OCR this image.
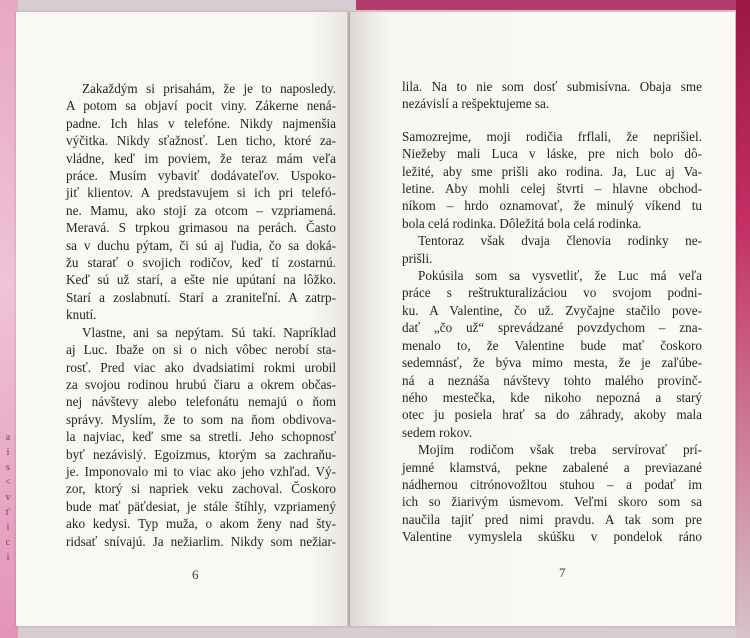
a
i
s
<
v
ť
i
c
i
Zakaždým si prisahám, že je to naposledy.
A potom sa objaví pocit viny. Zákerne nená-
padne. Ich hlas v telefóne. Nikdy najmenšia
výčitka. Nikdy sťažnosť. Len ticho, ktoré za-
vládne, keď im poviem, že teraz mám veľa
práce. Musím vybaviť dodávateľov. Uspoko-
jiť klientov. A predstavujem si ich pri telefó-
ne. Mamu, ako stojí za otcom – vzpriamená.
Meravá. S trpkou grimasou na perách. Často
sa v duchu pýtam, či sú aj ľudia, čo sa doká-
žu starať o svojich rodičov, keď tí zostarnú.
Keď sú už starí, a ešte nie upútaní na lôžko.
Starí a zoslabnutí. Starí a zraniteľní. A zatrp-
knutí.
Vlastne, ani sa nepýtam. Sú takí. Napríklad
aj Luc. Ibaže on si o nich vôbec nerobí sta-
rosť. Pred viac ako dvadsiatimi rokmi urobil
za svojou rodinou hrubú čiaru a okrem občas-
nej návštevy alebo telefonátu nemajú o ňom
správy. Myslím, že to som na ňom obdivova-
la najviac, keď sme sa stretli. Jeho schopnosť
byť nezávislý. Egoizmus, ktorým sa zachraňu-
je. Imponovalo mi to viac ako jeho vzhľad. Vý-
zor, ktorý si napriek veku zachoval. Čoskoro
bude mať päťdesiat, je stále štíhly, vzpriamený
ako kedysi. Typ muža, o akom ženy nad šty-
ridsať snívajú. Ja nežiarlim. Nikdy som nežiar-
6
lila. Na to nie som dosť submisívna. Obaja sme
nezávislí a rešpektujeme sa.
Samozrejme, moji rodičia frflali, že neprišiel.
Niežeby mali Luca v láske, pre nich bolo dô-
ležité, aby sme prišli ako rodina. Ja, Luc aj Va-
letine. Aby mohli celej štvrti – hlavne obchod-
níkom – hrdo oznamovať, že minulý víkend tu
bola celá rodinka. Dôležitá bola celá rodinka.
Tentoraz však dvaja členovia rodinky ne-
prišli.
Pokúsila som sa vysvetliť, že Luc má veľa
práce s reštrukturalizáciou vo svojom podni-
ku. A Valentine, čo už. Zvyčajne stačilo pove-
dať „čo už“ sprevádzané povzdychom – zna-
menalo to, že Valentine bude mať čoskoro
sedemnásť, že býva mimo mesta, že je zaľúbe-
ná a neznáša návštevy tohto malého provinč-
ného mestečka, kde nikoho nepozná a starý
otec ju posiela hrať sa do záhrady, akoby mala
sedem rokov.
Mojim rodičom však treba servírovať prí-
jemné klamstvá, pekne zabalené a previazané
nádhernou citrónovožltou stuhou – a podať im
ich so žiarivým úsmevom. Veľmi skoro som sa
naučila tajiť pred nimi pravdu. A tak som pre
Valentine vymyslela skúšku v pondelok ráno
7
